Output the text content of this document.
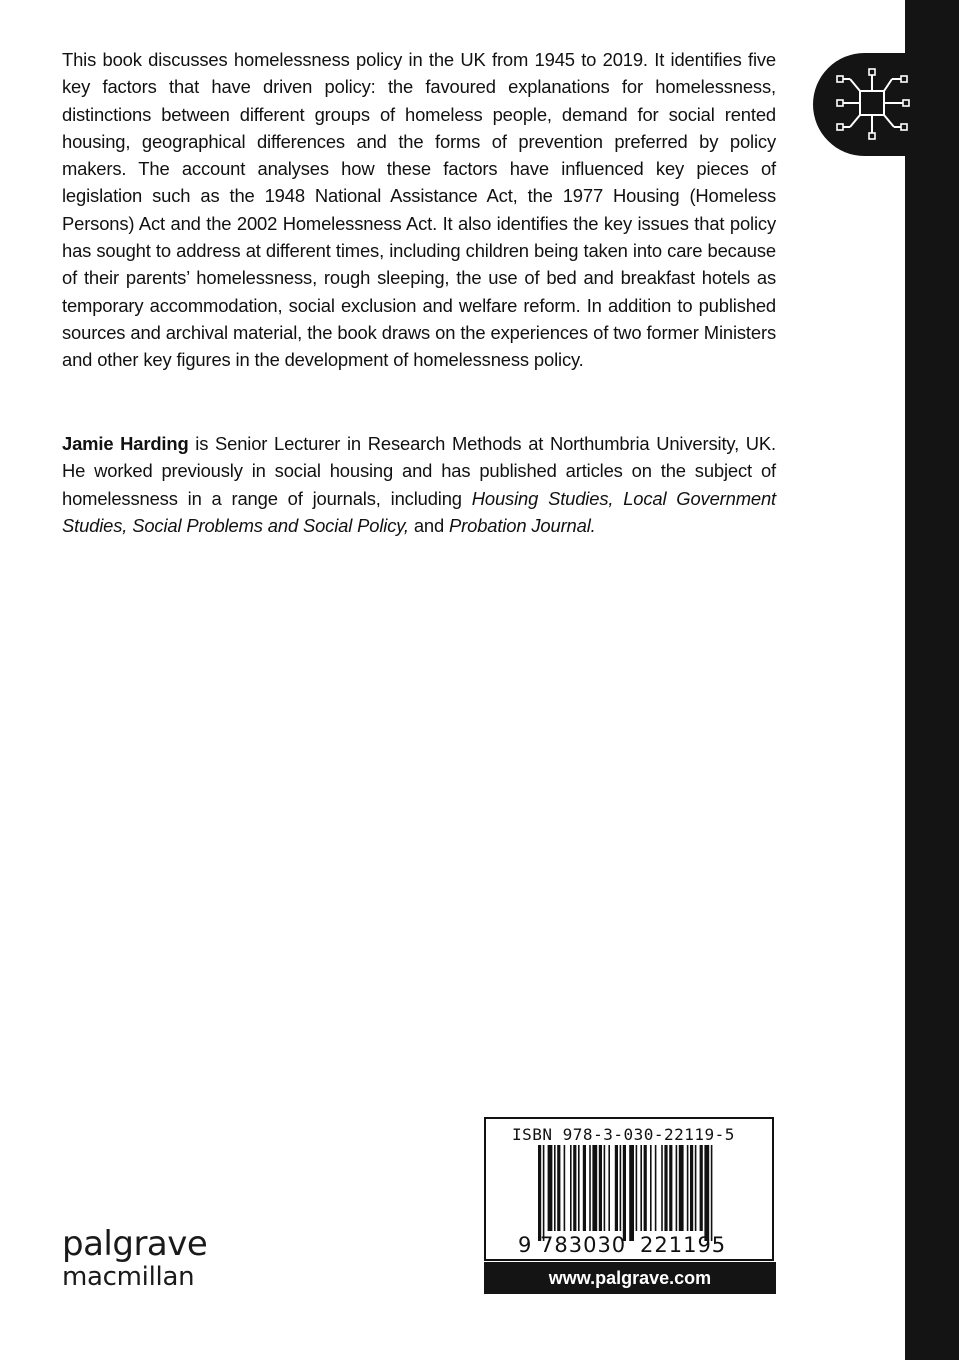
This book discusses homelessness policy in the UK from 1945 to 2019. It identifies five key factors that have driven policy: the favoured explanations for homelessness, distinctions between different groups of homeless people, demand for social rented housing, geographical differences and the forms of prevention preferred by policy makers. The account analyses how these factors have influenced key pieces of legislation such as the 1948 National Assistance Act, the 1977 Housing (Homeless Persons) Act and the 2002 Homelessness Act. It also identifies the key issues that policy has sought to address at different times, including children being taken into care because of their parents’ homelessness, rough sleeping, the use of bed and breakfast hotels as temporary accommodation, social exclusion and welfare reform. In addition to published sources and archival material, the book draws on the experiences of two former Ministers and other key figures in the development of homelessness policy.

Jamie Harding is Senior Lecturer in Research Methods at Northumbria University, UK. He worked previously in social housing and has published articles on the subject of homelessness in a range of journals, including Housing Studies, Local Government Studies, Social Problems and Social Policy, and Probation Journal.

ISBN 978-3-030-22119-5
9 783030 221195
www.palgrave.com
palgrave
macmillan
